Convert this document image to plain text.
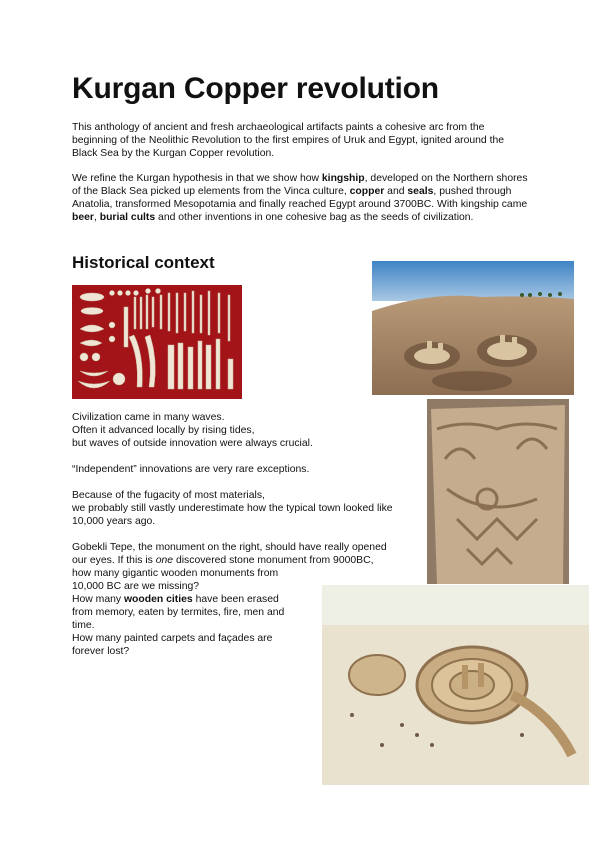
Kurgan Copper revolution

This anthology of ancient and fresh archaeological artifacts paints a cohesive arc from the beginning of the Neolithic Revolution to the first empires of Uruk and Egypt, ignited around the Black Sea by the Kurgan Copper revolution.

We refine the Kurgan hypothesis in that we show how kingship, developed on the Northern shores of the Black Sea picked up elements from the Vinca culture, copper and seals, pushed through Anatolia, transformed Mesopotamia and finally reached Egypt around 3700BC. With kingship came beer, burial cults and other inventions in one cohesive bag as the seeds of civilization.

Historical context
Civilization came in many waves.
Often it advanced locally by rising tides,
but waves of outside innovation were always crucial.
“Independent” innovations are very rare exceptions.
Because of the fugacity of most materials,
we probably still vastly underestimate how the typical town looked like
10,000 years ago.
Gobekli Tepe, the monument on the right, should have really opened
our eyes. If this is one discovered stone monument from 9000BC,
how many gigantic wooden monuments from
10,000 BC are we missing?
How many wooden cities have been erased
from memory, eaten by termites, fire, men and
time.
How many painted carpets and façades are
forever lost?
